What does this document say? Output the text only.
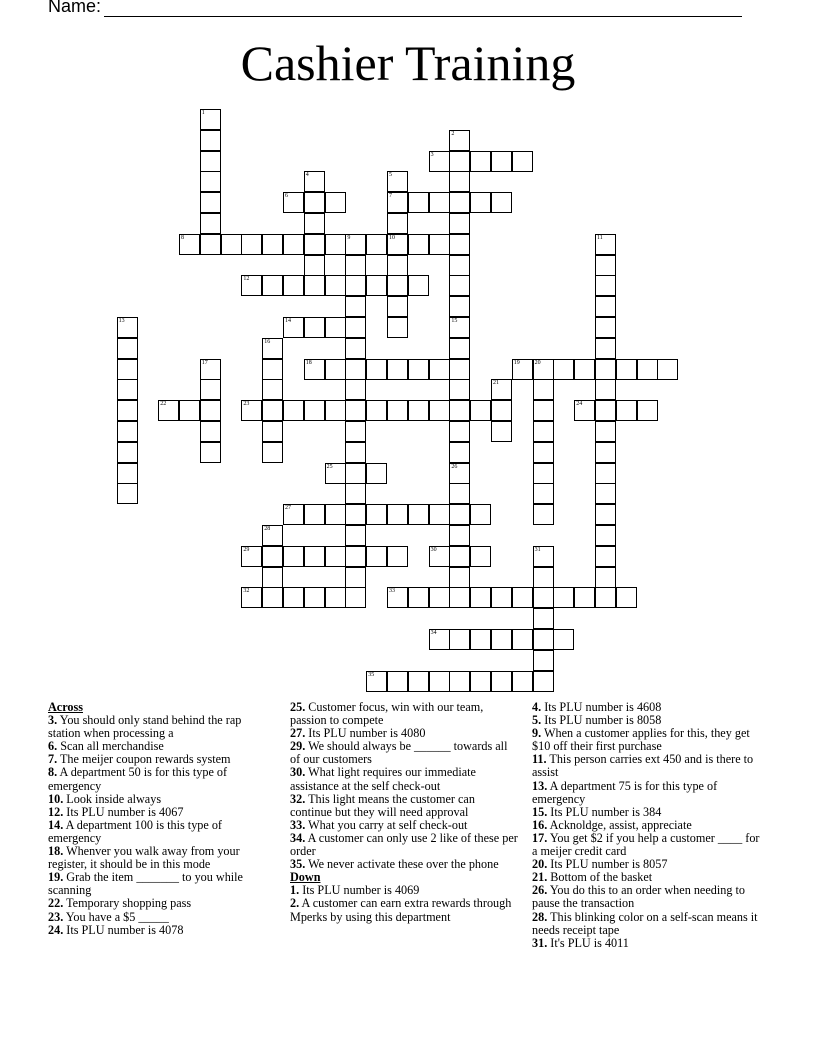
Name:
Cashier Training
3
6	7
8	9	10
12
14
18	19 20
22	23	24
25
27
29	30
32	33
34
35
1
2
4	5
11
13	15
26
16
17
21
28
31
Across
3. You should only stand behind the rap station when processing a
6. Scan all merchandise
7. The meijer coupon rewards system
8. A department 50 is for this type of emergency
10. Look inside always
12. Its PLU number is 4067
14. A department 100 is this type of emergency
18. Whenver you walk away from your register, it should be in this mode
19. Grab the item _______ to you while scanning
22. Temporary shopping pass
23. You have a $5 _____
24. Its PLU number is 4078
25. Customer focus, win with our team, passion to compete
27. Its PLU number is 4080
29. We should always be ______ towards all of our customers
30. What light requires our immediate assistance at the self check-out
32. This light means the customer can continue but they will need approval
33. What you carry at self check-out
34. A customer can only use 2 like of these per order
35. We never activate these over the phone
Down
1. Its PLU number is 4069
2. A customer can earn extra rewards through Mperks by using this department
4. Its PLU number is 4608
5. Its PLU number is 8058
9. When a customer applies for this, they get $10 off their first purchase
11. This person carries ext 450 and is there to assist
13. A department 75 is for this type of emergency
15. Its PLU number is 384
16. Acknoldge, assist, appreciate
17. You get $2 if you help a customer ____ for a meijer credit card
20. Its PLU number is 8057
21. Bottom of the basket
26. You do this to an order when needing to pause the transaction
28. This blinking color on a self-scan means it needs receipt tape
31. It's PLU is 4011
